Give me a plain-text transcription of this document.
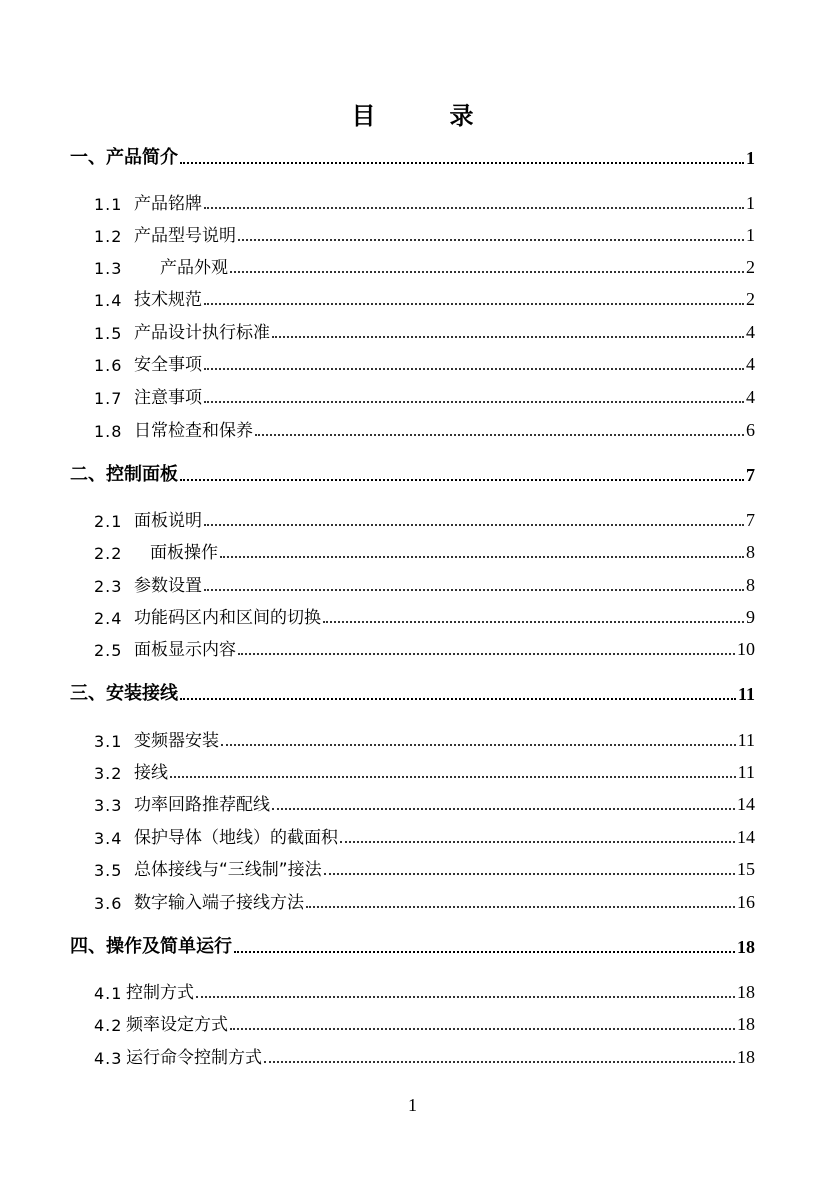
目	录
一、产品简介	1
1.1 产品铭牌	1
1.2 产品型号说明	1
1.3	产品外观	2
1.4 技术规范	2
1.5 产品设计执行标准	4
1.6 安全事项	4
1.7 注意事项	4
1.8 日常检查和保养	6
二、控制面板	7
2.1 面板说明	7
2.2	面板操作	8
2.3 参数设置	8
2.4 功能码区内和区间的切换	9
2.5 面板显示内容	10
三、安装接线	11
3.1 变频器安装	11
3.2 接线	11
3.3 功率回路推荐配线	14
3.4 保护导体（地线）的截面积	14
3.5 总体接线与“三线制”接法	15
3.6 数字输入端子接线方法	16
四、操作及简单运行	18
4.1 控制方式	18
4.2 频率设定方式	18
4.3 运行命令控制方式	18
1
